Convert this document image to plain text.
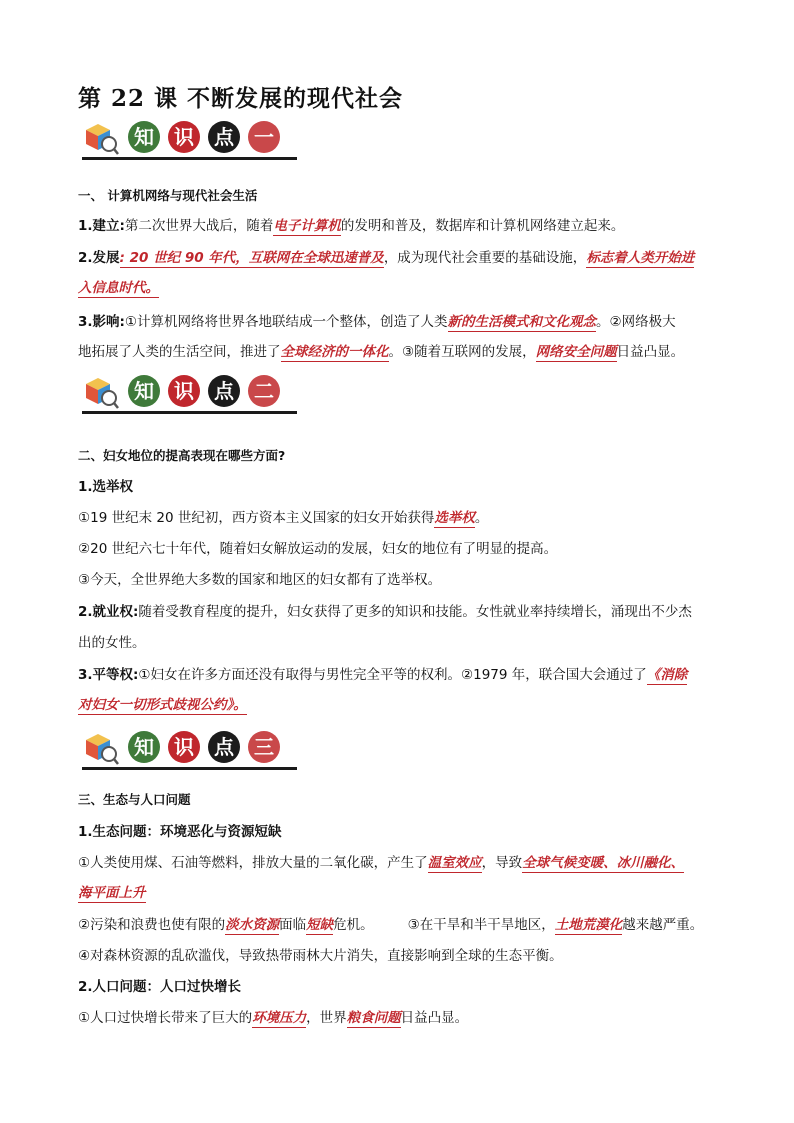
第 22 课 不断发展的现代社会
知	识	点	一
一、 计算机网络与现代社会生活
1.建立:第二次世界大战后，随着电子计算机的发明和普及，数据库和计算机网络建立起来。
2.发展: 20 世纪 90 年代，互联网在全球迅速普及，成为现代社会重要的基础设施，标志着人类开始进
入信息时代。
3.影响:①计算机网络将世界各地联结成一个整体，创造了人类新的生活模式和文化观念。②网络极大
地拓展了人类的生活空间，推进了全球经济的一体化。③随着互联网的发展，网络安全问题日益凸显。
知	识	点	二
二、妇女地位的提高表现在哪些方面?
1.选举权
①19 世纪末 20 世纪初，西方资本主义国家的妇女开始获得选举权。
②20 世纪六七十年代，随着妇女解放运动的发展，妇女的地位有了明显的提高。
③今天，全世界绝大多数的国家和地区的妇女都有了选举权。
2.就业权:随着受教育程度的提升，妇女获得了更多的知识和技能。女性就业率持续增长，涌现出不少杰
出的女性。
3.平等权:①妇女在许多方面还没有取得与男性完全平等的权利。②1979 年，联合国大会通过了《消除
对妇女一切形式歧视公约》。
知	识	点	三
三、生态与人口问题
1.生态问题：环境恶化与资源短缺
①人类使用煤、石油等燃料，排放大量的二氧化碳，产生了温室效应，导致全球气候变暖、冰川融化、
海平面上升
②污染和浪费也使有限的淡水资源面临短缺危机。	③在干旱和半干旱地区，土地荒漠化越来越严重。
④对森林资源的乱砍滥伐，导致热带雨林大片消失，直接影响到全球的生态平衡。
2.人口问题：人口过快增长
①人口过快增长带来了巨大的环境压力，世界粮食问题日益凸显。
